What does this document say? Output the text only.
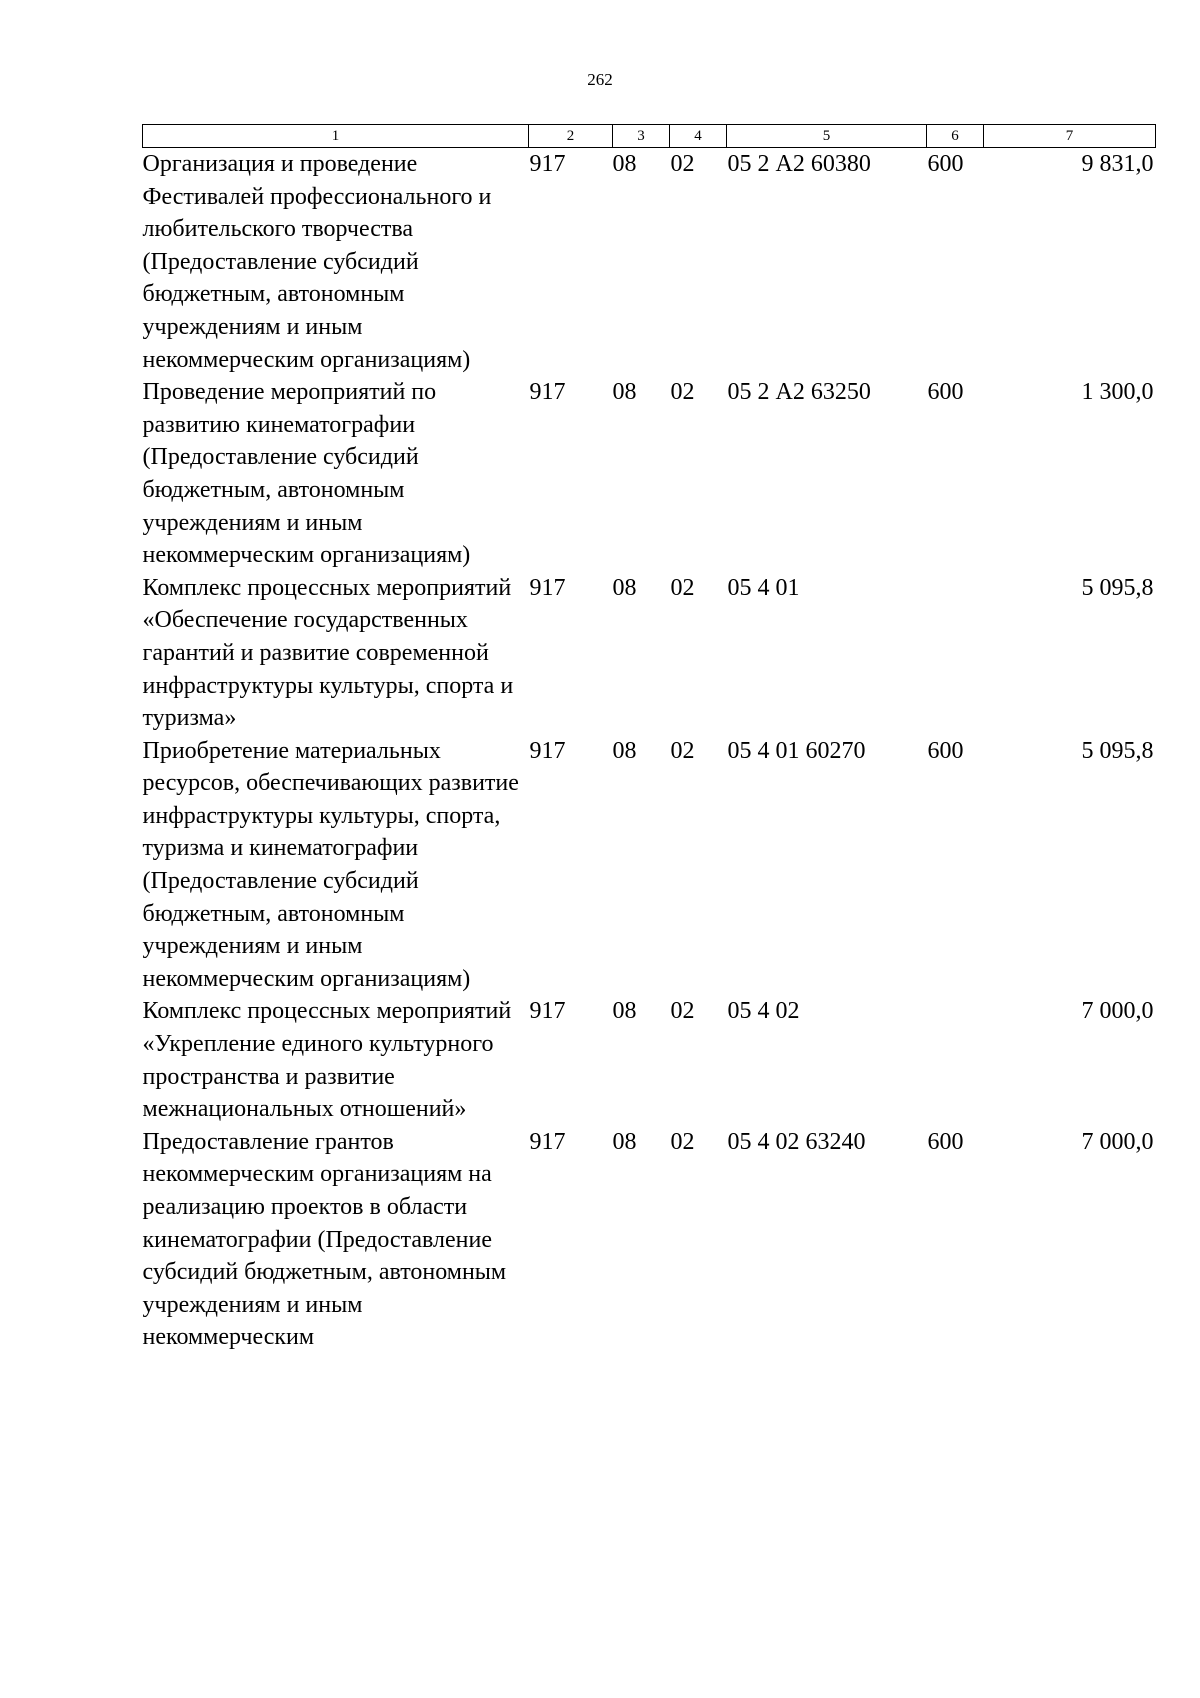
262
1	2	3	4	5	6	7
Организация и проведение Фестивалей профессионального и любительского творчества (Предоставление субсидий бюджетным, автономным учреждениям и иным некоммерческим организациям)	917	08	02	05 2 А2 60380	600	9 831,0
Проведение мероприятий по развитию кинематографии (Предоставление субсидий бюджетным, автономным учреждениям и иным некоммерческим организациям)	917	08	02	05 2 А2 63250	600	1 300,0
Комплекс процессных мероприятий «Обеспечение государственных гарантий и развитие современной инфраструктуры культуры, спорта и туризма»	917	08	02	05 4 01		5 095,8
Приобретение материальных ресурсов, обеспечивающих развитие инфраструктуры культуры, спорта, туризма и кинематографии (Предоставление субсидий бюджетным, автономным учреждениям и иным некоммерческим организациям)	917	08	02	05 4 01 60270	600	5 095,8
Комплекс процессных мероприятий «Укрепление единого культурного пространства и развитие межнациональных отношений»	917	08	02	05 4 02		7 000,0
Предоставление грантов некоммерческим организациям на реализацию проектов в области кинематографии (Предоставление субсидий бюджетным, автономным учреждениям и иным некоммерческим	917	08	02	05 4 02 63240	600	7 000,0
